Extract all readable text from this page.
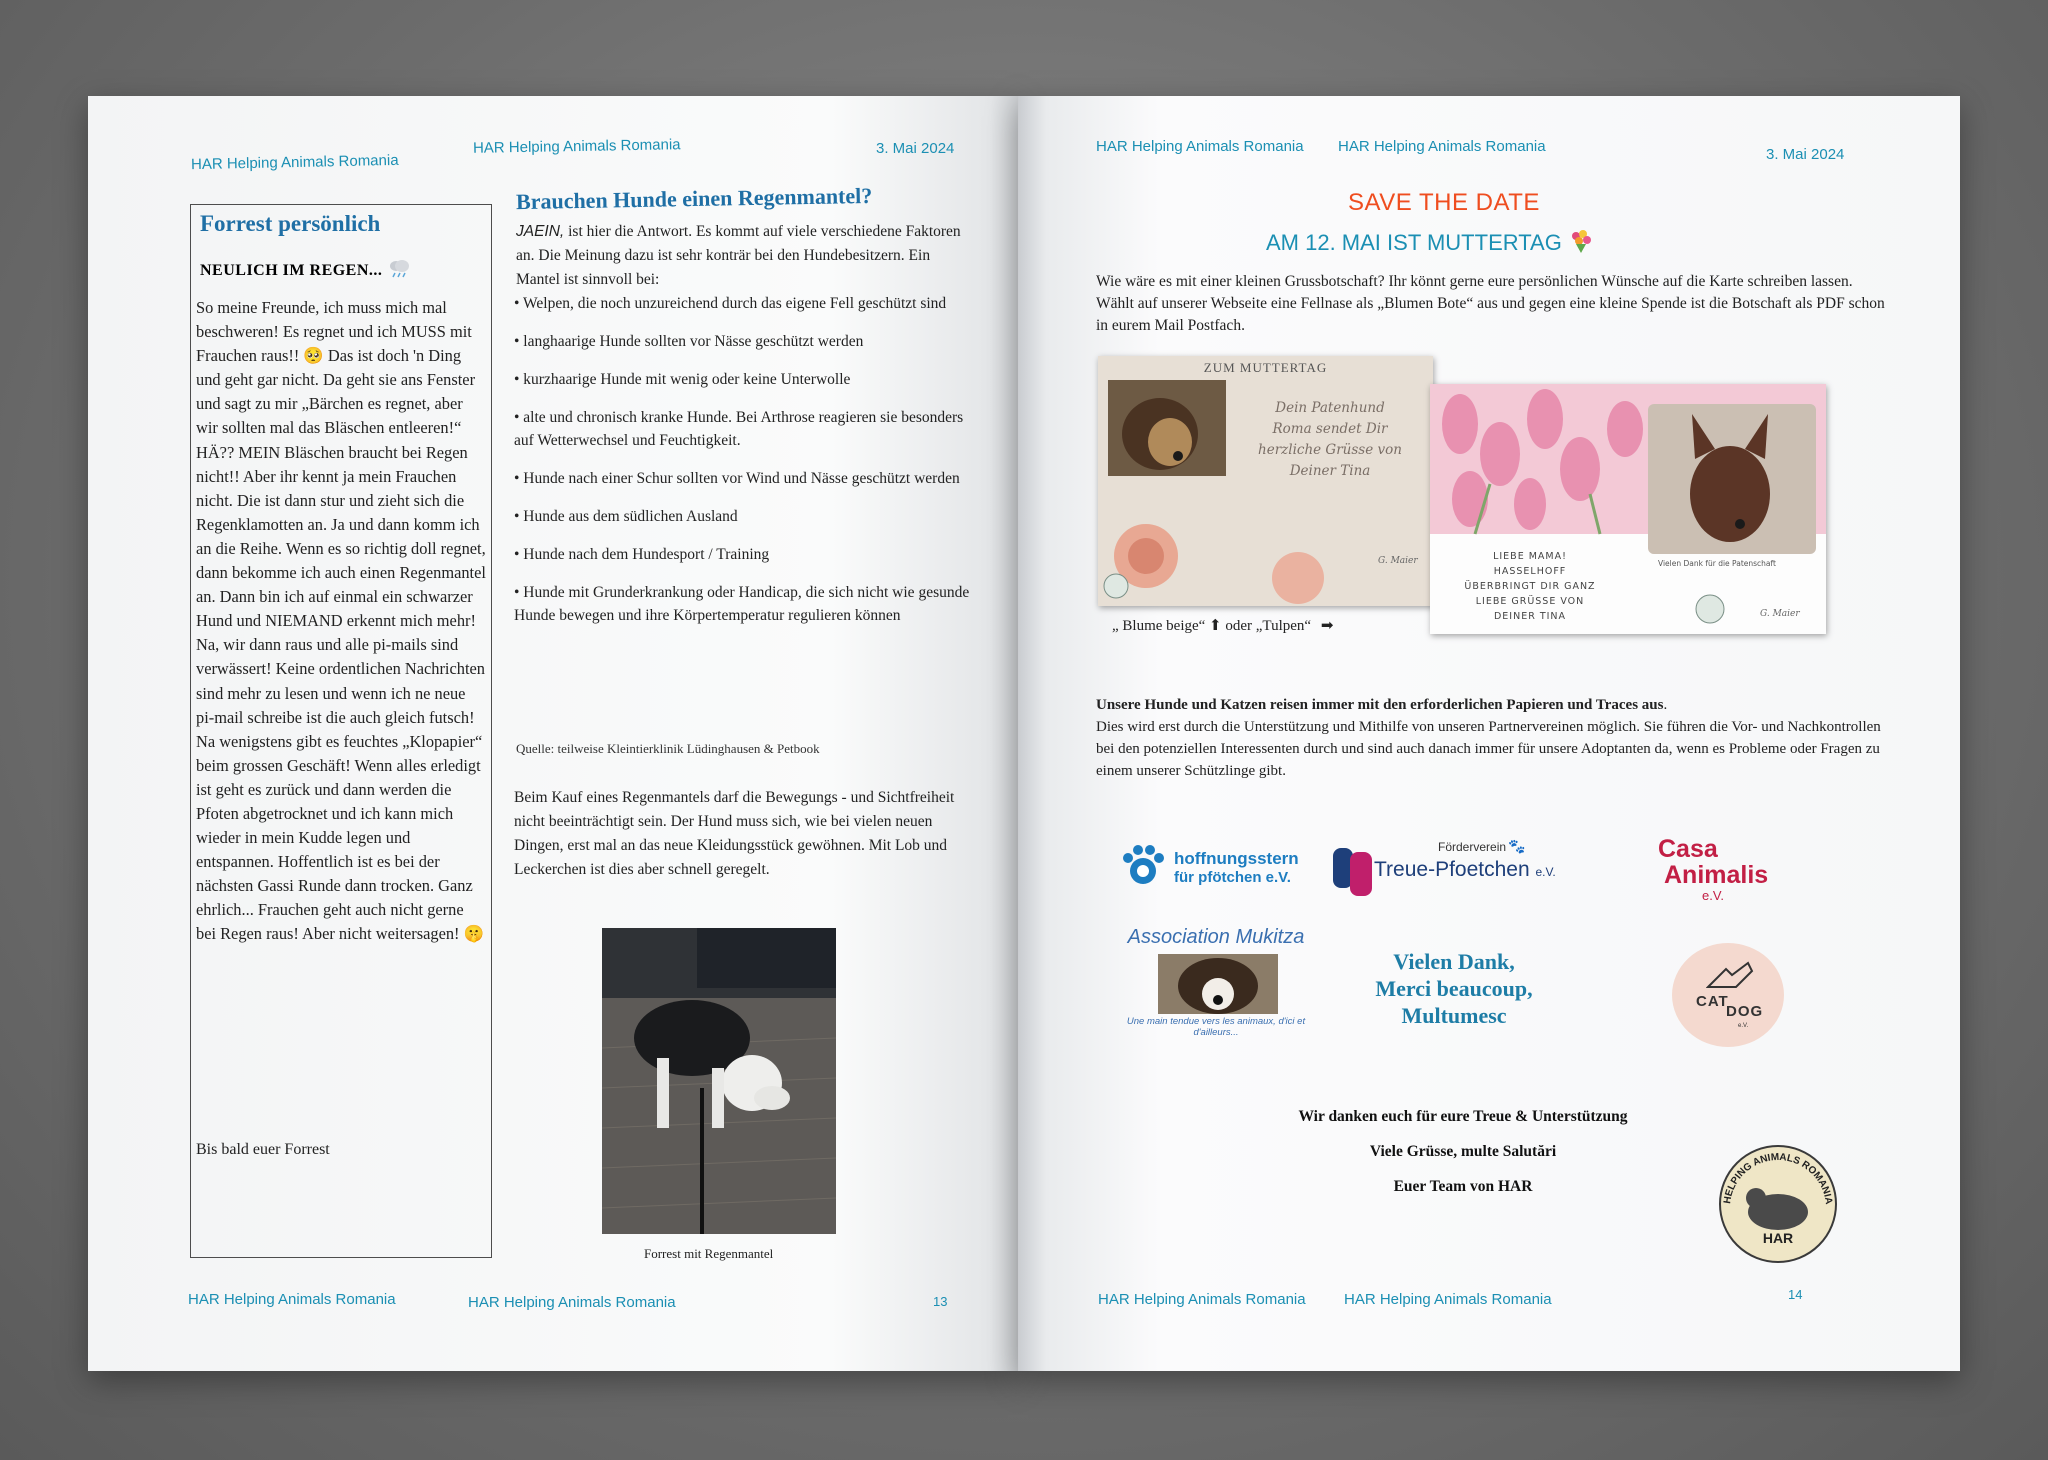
HAR Helping Animals Romania
HAR Helping Animals Romania	3. Mai 2024
Forrest persönlich
NEULICH IM REGEN...
So meine Freunde, ich muss mich mal beschweren! Es regnet und ich MUSS mit Frauchen raus!! 🥺 Das ist doch 'n Ding und geht gar nicht. Da geht sie ans Fenster und sagt zu mir „Bärchen es regnet, aber wir sollten mal das Bläschen entleeren!“ HÄ?? MEIN Bläschen braucht bei Regen nicht!! Aber ihr kennt ja mein Frauchen nicht. Die ist dann stur und zieht sich die Regenklamotten an. Ja und dann komm ich an die Reihe. Wenn es so richtig doll regnet, dann bekomme ich auch einen Regenmantel an. Dann bin ich auf einmal ein schwarzer Hund und NIEMAND erkennt mich mehr!
Na, wir dann raus und alle pi-mails sind verwässert! Keine ordentlichen Nachrichten sind mehr zu lesen und wenn ich ne neue pi-mail schreibe ist die auch gleich futsch! Na wenigstens gibt es feuchtes „Klopapier“ beim grossen Geschäft! Wenn alles erledigt ist geht es zurück und dann werden die Pfoten abgetrocknet und ich kann mich wieder in mein Kudde legen und entspannen. Hoffentlich ist es bei der nächsten Gassi Runde dann trocken. Ganz ehrlich... Frauchen geht auch nicht gerne bei Regen raus! Aber nicht weitersagen! 🤫
Bis bald euer Forrest
Brauchen Hunde einen Regenmantel?
JAEIN, ist hier die Antwort. Es kommt auf viele verschiedene Faktoren an. Die Meinung dazu ist sehr konträr bei den Hundebesitzern. Ein Mantel ist sinnvoll bei:
• Welpen, die noch unzureichend durch das eigene Fell geschützt sind
• langhaarige Hunde sollten vor Nässe geschützt werden
• kurzhaarige Hunde mit wenig oder keine Unterwolle
• alte und chronisch kranke Hunde. Bei Arthrose reagieren sie besonders auf Wetterwechsel und Feuchtigkeit.
• Hunde nach einer Schur sollten vor Wind und Nässe geschützt werden
• Hunde aus dem südlichen Ausland
• Hunde nach dem Hundesport / Training
• Hunde mit Grunderkrankung oder Handicap, die sich nicht wie gesunde Hunde bewegen und ihre Körpertemperatur regulieren können
Quelle: teilweise Kleintierklinik Lüdinghausen & Petbook
Beim Kauf eines Regenmantels darf die Bewegungs - und Sichtfreiheit nicht beeinträchtigt sein. Der Hund muss sich, wie bei vielen neuen Dingen, erst mal an das neue Kleidungsstück gewöhnen. Mit Lob und Leckerchen ist dies aber schnell geregelt.
Forrest mit Regenmantel
HAR Helping Animals Romania	HAR Helping Animals Romania	13
HAR Helping Animals Romania HAR Helping Animals Romania	3. Mai 2024
SAVE THE DATE
AM 12. MAI IST MUTTERTAG
Wie wäre es mit einer kleinen Grussbotschaft? Ihr könnt gerne eure persönlichen Wünsche auf die Karte schreiben lassen. Wählt auf unserer Webseite eine Fellnase als „Blumen Bote“ aus und gegen eine kleine Spende ist die Botschaft als PDF schon in eurem Mail Postfach.
ZUM MUTTERTAG
Dein Patenhund
Roma sendet Dir
herzliche Grüsse von
Deiner Tina
G. Maier	LIEBE MAMA!
HASSELHOFF
ÜBERBRINGT DIR GANZ
LIEBE GRÜSSE VON
DEINER TINA
Vielen Dank für die Patenschaft
G. Maier
„ Blume beige“ ⬆ oder „Tulpen“ ➡
Unsere Hunde und Katzen reisen immer mit den erforderlichen Papieren und Traces aus.
Dies wird erst durch die Unterstützung und Mithilfe von unseren Partnervereinen möglich. Sie führen die Vor- und Nachkontrollen bei den potenziellen Interessenten durch und sind auch danach immer für unsere Adoptanten da, wenn es Probleme oder Fragen zu einem unserer Schützlinge gibt.
hoffnungsstern
für pfötchen e.V.
Förderverein 🐾
Treue-Pfoetchen e.V.
Casa
Animalis
e.V.
Association Mukitza
Une main tendue vers les animaux, d'ici et d'ailleurs...
Vielen Dank,
Merci beaucoup,
Multumesc
CAT
DOG
e.V.
Wir danken euch für eure Treue & Unterstützung
Viele Grüsse, multe Salutări
Euer Team von HAR
HELPING ANIMALS ROMANIA
HAR
HAR Helping Animals Romania	HAR Helping Animals Romania	14
